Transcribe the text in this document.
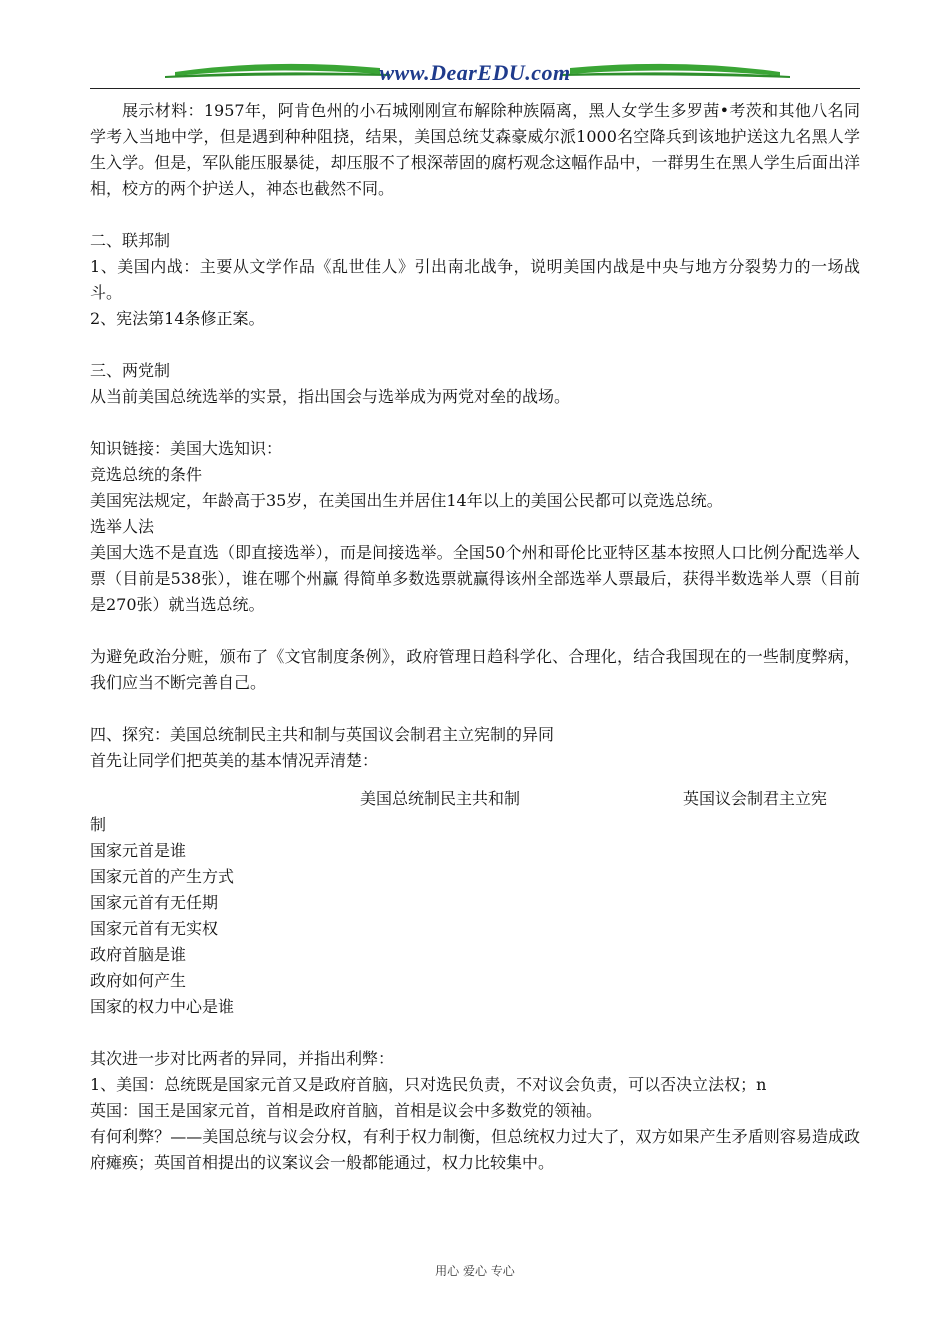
www.DearEDU.com
展示材料：1957年，阿肯色州的小石城刚刚宣布解除种族隔离，黑人女学生多罗茜•考茨和其他八名同学考入当地中学，但是遇到种种阻挠，结果，美国总统艾森豪威尔派1000名空降兵到该地护送这九名黑人学生入学。但是，军队能压服暴徒，却压服不了根深蒂固的腐朽观念这幅作品中，一群男生在黑人学生后面出洋相，校方的两个护送人，神态也截然不同。
二、联邦制
1、美国内战：主要从文学作品《乱世佳人》引出南北战争，说明美国内战是中央与地方分裂势力的一场战斗。
2、宪法第14条修正案。
三、两党制
从当前美国总统选举的实景，指出国会与选举成为两党对垒的战场。
知识链接：美国大选知识：
竞选总统的条件
美国宪法规定，年龄高于35岁，在美国出生并居住14年以上的美国公民都可以竞选总统。
选举人法
美国大选不是直选（即直接选举），而是间接选举。全国50个州和哥伦比亚特区基本按照人口比例分配选举人票（目前是538张），谁在哪个州赢 得简单多数选票就赢得该州全部选举人票最后，获得半数选举人票（目前是270张）就当选总统。
为避免政治分赃，颁布了《文官制度条例》，政府管理日趋科学化、合理化，结合我国现在的一些制度弊病，我们应当不断完善自己。
四、探究：美国总统制民主共和制与英国议会制君主立宪制的异同
首先让同学们把英美的基本情况弄清楚：
美国总统制民主共和制	英国议会制君主立宪
制
国家元首是谁
国家元首的产生方式
国家元首有无任期
国家元首有无实权
政府首脑是谁
政府如何产生
国家的权力中心是谁
其次进一步对比两者的异同，并指出利弊：
1、美国：总统既是国家元首又是政府首脑，只对选民负责，不对议会负责，可以否决立法权；n
英国：国王是国家元首，首相是政府首脑，首相是议会中多数党的领袖。
有何利弊？——美国总统与议会分权，有利于权力制衡，但总统权力过大了，双方如果产生矛盾则容易造成政府瘫痪；英国首相提出的议案议会一般都能通过，权力比较集中。
用心 爱心 专心
